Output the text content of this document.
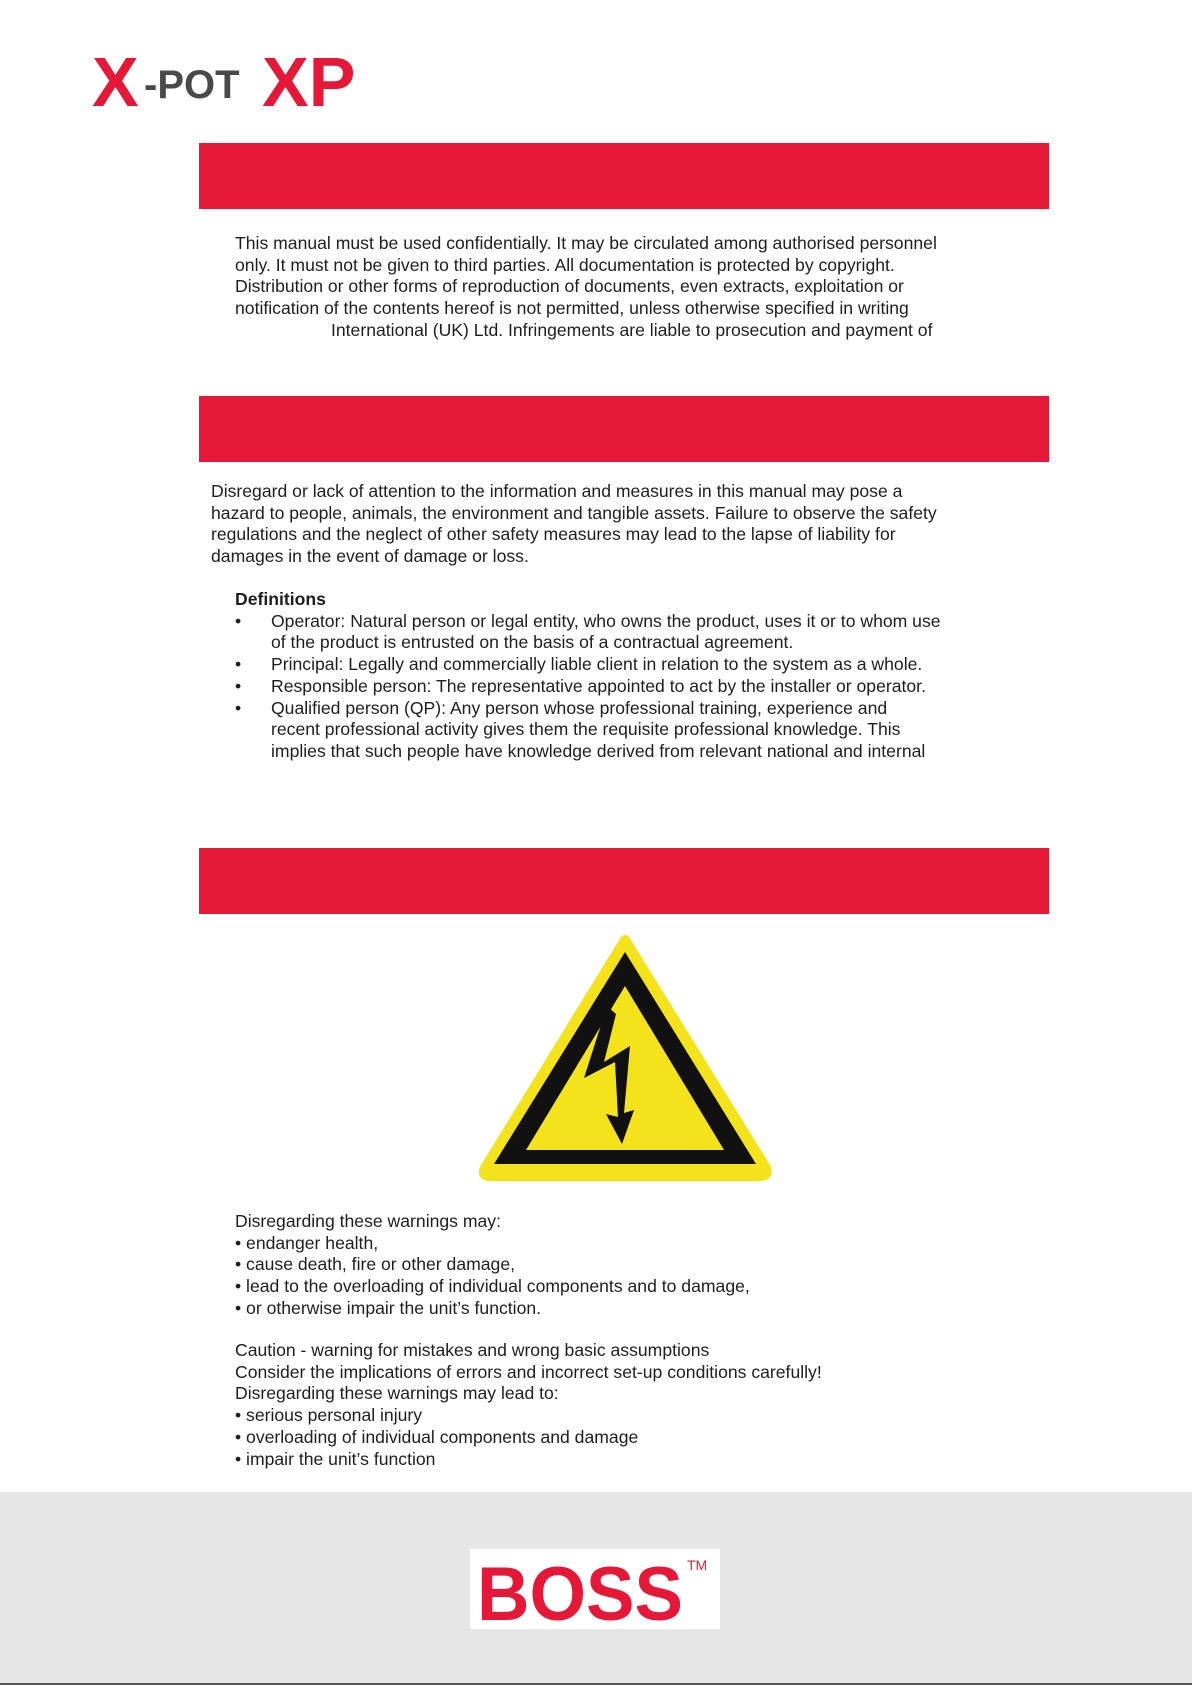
X -POT XP
This manual must be used confidentially. It may be circulated among authorised personnel
only. It must not be given to third parties. All documentation is protected by copyright.
Distribution or other forms of reproduction of documents, even extracts, exploitation or
notification of the contents hereof is not permitted, unless otherwise specified in writing
International (UK) Ltd. Infringements are liable to prosecution and payment of
Disregard or lack of attention to the information and measures in this manual may pose a
hazard to people, animals, the environment and tangible assets. Failure to observe the safety
regulations and the neglect of other safety measures may lead to the lapse of liability for
damages in the event of damage or loss.
Definitions
• Operator: Natural person or legal entity, who owns the product, uses it or to whom use
of the product is entrusted on the basis of a contractual agreement.
• Principal: Legally and commercially liable client in relation to the system as a whole.
• Responsible person: The representative appointed to act by the installer or operator.
• Qualified person (QP): Any person whose professional training, experience and
recent professional activity gives them the requisite professional knowledge. This
implies that such people have knowledge derived from relevant national and internal
Disregarding these warnings may:
• endanger health,
• cause death, fire or other damage,
• lead to the overloading of individual components and to damage,
• or otherwise impair the unit’s function.
Caution - warning for mistakes and wrong basic assumptions
Consider the implications of errors and incorrect set-up conditions carefully!
Disregarding these warnings may lead to:
• serious personal injury
• overloading of individual components and damage
• impair the unit’s function
BOSS TM
